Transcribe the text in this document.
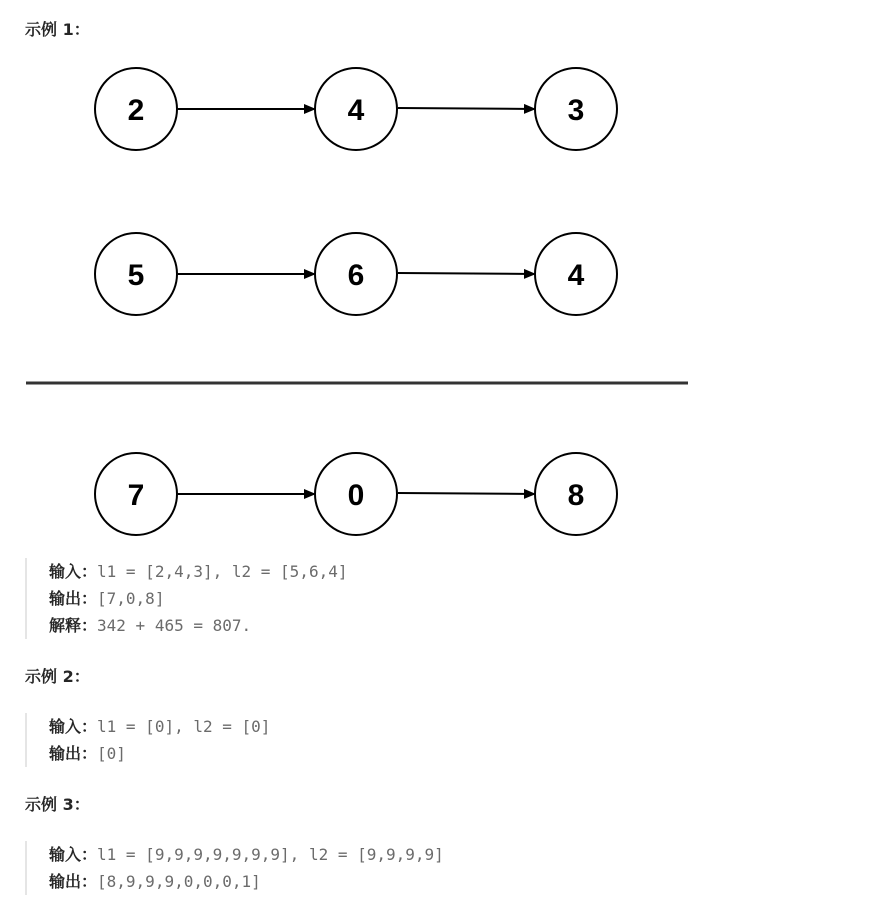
示例 1：
2	4	3
5	6	4
7	0	8
输入：l1 = [2,4,3], l2 = [5,6,4]
输出：[7,0,8]
解释：342 + 465 = 807.
示例 2：
输入：l1 = [0], l2 = [0]
输出：[0]
示例 3：
输入：l1 = [9,9,9,9,9,9,9], l2 = [9,9,9,9]
输出：[8,9,9,9,0,0,0,1]
